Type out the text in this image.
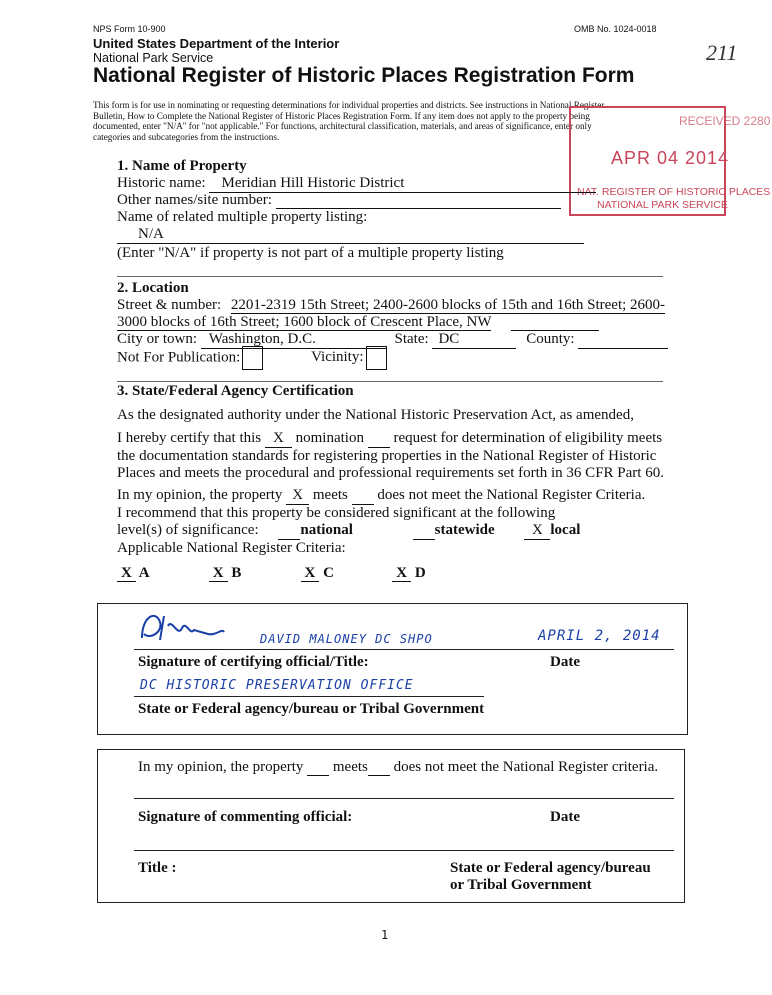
NPS Form 10-900	OMB No. 1024-0018
United States Department of the Interior
National Park Service
National Register of Historic Places Registration Form
211
This form is for use in nominating or requesting determinations for individual properties and districts. See instructions in National Register
Bulletin, How to Complete the National Register of Historic Places Registration Form. If any item does not apply to the property being
documented, enter "N/A" for "not applicable." For functions, architectural classification, materials, and areas of significance, enter only
categories and subcategories from the instructions.
RECEIVED 2280
APR 04 2014
NAT. REGISTER OF HISTORIC PLACES
NATIONAL PARK SERVICE
1. Name of Property
Historic name: Meridian Hill Historic District
Other names/site number:
Name of related multiple property listing:
N/A
(Enter "N/A" if property is not part of a multiple property listing
2. Location
Street & number: 2201-2319 15th Street; 2400-2600 blocks of 15th and 16th Street; 2600-
3000 blocks of 16th Street; 1600 block of Crescent Place, NW
City or town: Washington, D.C.	State: DC	County:
Not For Publication:	Vicinity:
3. State/Federal Agency Certification
As the designated authority under the National Historic Preservation Act, as amended,
I hereby certify that this X nomination request for determination of eligibility meets
the documentation standards for registering properties in the National Register of Historic
Places and meets the procedural and professional requirements set forth in 36 CFR Part 60.
In my opinion, the property X meets does not meet the National Register Criteria.
I recommend that this property be considered significant at the following
level(s) of significance:	national	statewide X local
Applicable National Register Criteria:
X A	X B	X C	X D
DAVID MALONEY DC SHPO	APRIL 2, 2014
Signature of certifying official/Title:	Date
DC HISTORIC PRESERVATION OFFICE
State or Federal agency/bureau or Tribal Government
In my opinion, the property meets does not meet the National Register criteria.
Signature of commenting official:	Date
Title :	State or Federal agency/bureau
or Tribal Government
1
